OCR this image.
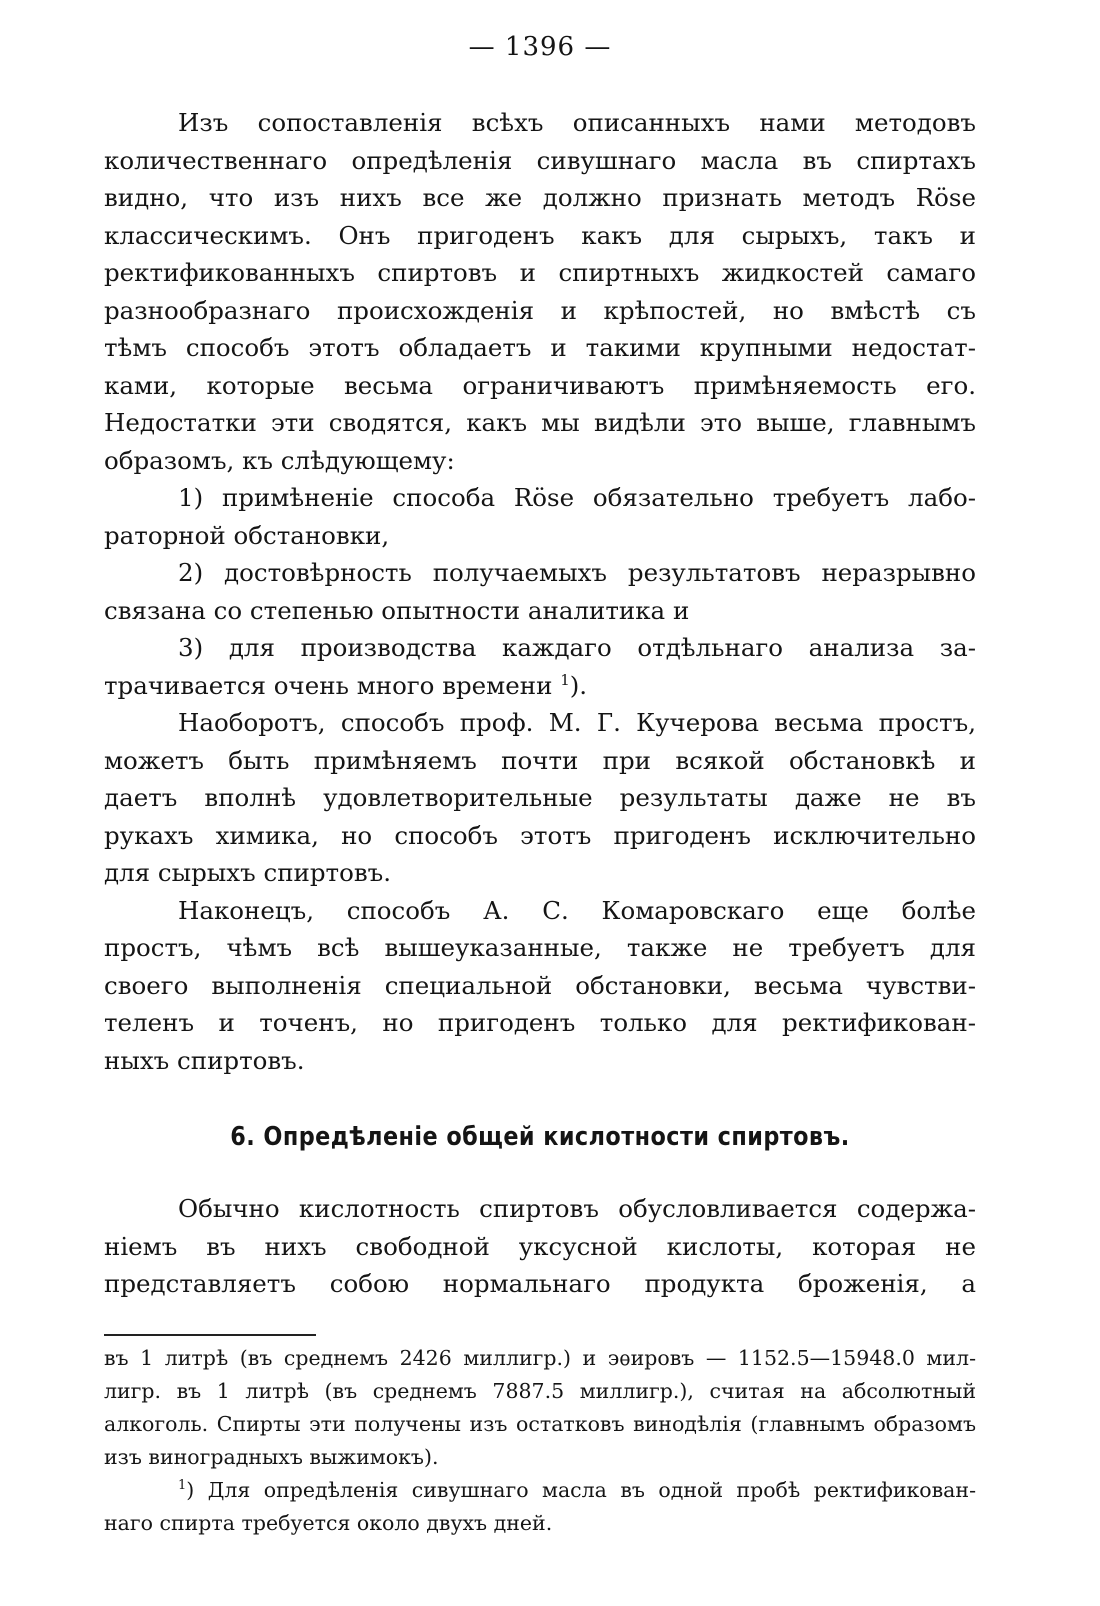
— 1396 —
Изъ сопоставленія всѣхъ описанныхъ нами методовъ
количественнаго опредѣленія сивушнаго масла въ спиртахъ
видно, что изъ нихъ все же должно признать методъ Röse
классическимъ. Онъ пригоденъ какъ для сырыхъ, такъ и
ректификованныхъ спиртовъ и спиртныхъ жидкостей самаго
разнообразнаго происхожденія и крѣпостей, но вмѣстѣ съ
тѣмъ способъ этотъ обладаетъ и такими крупными недостат-
ками, которые весьма ограничиваютъ примѣняемость его.
Недостатки эти сводятся, какъ мы видѣли это выше, главнымъ
образомъ, къ слѣдующему:
1) примѣненіе способа Röse обязательно требуетъ лабо-
раторной обстановки,
2) достовѣрность получаемыхъ результатовъ неразрывно
связана со степенью опытности аналитика и
3) для производства каждаго отдѣльнаго анализа за-
трачивается очень много времени $^1$).
Наоборотъ, способъ проф. М. Г. Кучерова весьма простъ,
можетъ быть примѣняемъ почти при всякой обстановкѣ и
даетъ вполнѣ удовлетворительные результаты даже не въ
рукахъ химика, но способъ этотъ пригоденъ исключительно
для сырыхъ спиртовъ.
Наконецъ, способъ А. С. Комаровскаго еще болѣе
простъ, чѣмъ всѣ вышеуказанные, также не требуетъ для
своего выполненія специальной обстановки, весьма чувстви-
теленъ и точенъ, но пригоденъ только для ректификован-
ныхъ спиртовъ.
6. Опредѣленіе общей кислотности спиртовъ.
Обычно кислотность спиртовъ обусловливается содержа-
ніемъ въ нихъ свободной уксусной кислоты, которая не
представляетъ собою нормальнаго продукта броженія, а
въ 1 литрѣ (въ среднемъ 2426 миллигр.) и эѳировъ — 1152.5—15948.0 мил-
лигр. въ 1 литрѣ (въ среднемъ 7887.5 миллигр.), считая на абсолютный
алкоголь. Спирты эти получены изъ остатковъ винодѣлія (главнымъ образомъ
изъ виноградныхъ выжимокъ).
$^1$) Для опредѣленія сивушнаго масла въ одной пробѣ ректификован-
наго спирта требуется около двухъ дней.
